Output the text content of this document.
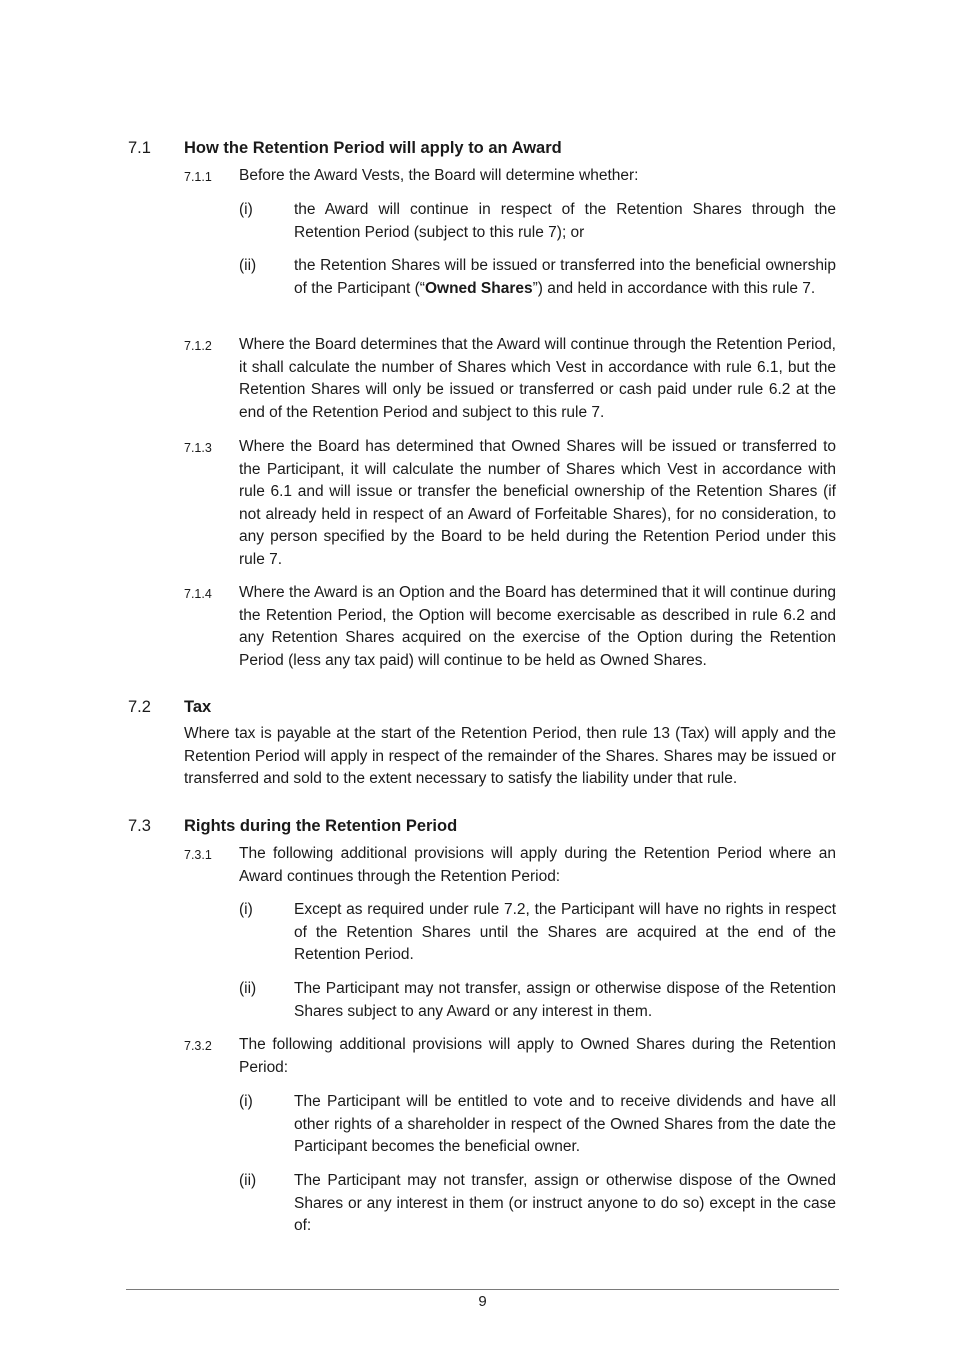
7.1 How the Retention Period will apply to an Award
7.1.1 Before the Award Vests, the Board will determine whether:
(i)	the Award will continue in respect of the Retention Shares through the Retention Period (subject to this rule 7); or
(ii) the Retention Shares will be issued or transferred into the beneficial ownership of the Participant (“Owned Shares”) and held in accordance with this rule 7.
7.1.2 Where the Board determines that the Award will continue through the Retention Period, it shall calculate the number of Shares which Vest in accordance with rule 6.1, but the Retention Shares will only be issued or transferred or cash paid under rule 6.2 at the end of the Retention Period and subject to this rule 7.
7.1.3 Where the Board has determined that Owned Shares will be issued or transferred to the Participant, it will calculate the number of Shares which Vest in accordance with rule 6.1 and will issue or transfer the beneficial ownership of the Retention Shares (if not already held in respect of an Award of Forfeitable Shares), for no consideration, to any person specified by the Board to be held during the Retention Period under this rule 7.
7.1.4 Where the Award is an Option and the Board has determined that it will continue during the Retention Period, the Option will become exercisable as described in rule 6.2 and any Retention Shares acquired on the exercise of the Option during the Retention Period (less any tax paid) will continue to be held as Owned Shares.
7.2 Tax
Where tax is payable at the start of the Retention Period, then rule 13 (Tax) will apply and the Retention Period will apply in respect of the remainder of the Shares. Shares may be issued or transferred and sold to the extent necessary to satisfy the liability under that rule.
7.3 Rights during the Retention Period
7.3.1 The following additional provisions will apply during the Retention Period where an Award continues through the Retention Period:
(i)	Except as required under rule 7.2, the Participant will have no rights in respect of the Retention Shares until the Shares are acquired at the end of the Retention Period.
(ii) The Participant may not transfer, assign or otherwise dispose of the Retention Shares subject to any Award or any interest in them.
7.3.2 The following additional provisions will apply to Owned Shares during the Retention Period:
(i)	The Participant will be entitled to vote and to receive dividends and have all other rights of a shareholder in respect of the Owned Shares from the date the Participant becomes the beneficial owner.
(ii) The Participant may not transfer, assign or otherwise dispose of the Owned Shares or any interest in them (or instruct anyone to do so) except in the case of:
9
